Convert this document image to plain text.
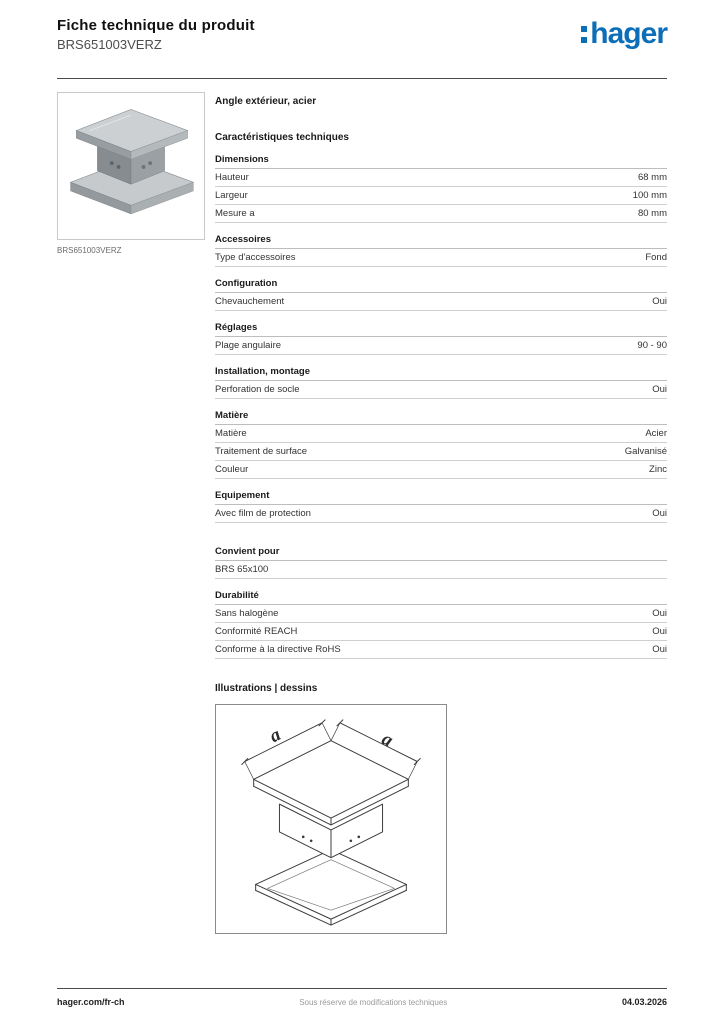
Fiche technique du produit
BRS651003VERZ	hager
BRS651003VERZ
Angle extérieur, acier
Caractéristiques techniques
Dimensions
Hauteur	68 mm
Largeur	100 mm
Mesure a	80 mm
Accessoires
Type d'accessoires	Fond
Configuration
Chevauchement	Oui
Réglages
Plage angulaire	90 - 90
Installation, montage
Perforation de socle	Oui
Matière
Matière	Acier
Traitement de surface	Galvanisé
Couleur	Zinc
Equipement
Avec film de protection	Oui
Convient pour
BRS 65x100
Durabilité
Sans halogène	Oui
Conformité REACH	Oui
Conforme à la directive RoHS	Oui
Illustrations | dessins
a	a
hager.com/fr-ch	Sous réserve de modifications techniques	04.03.2026
